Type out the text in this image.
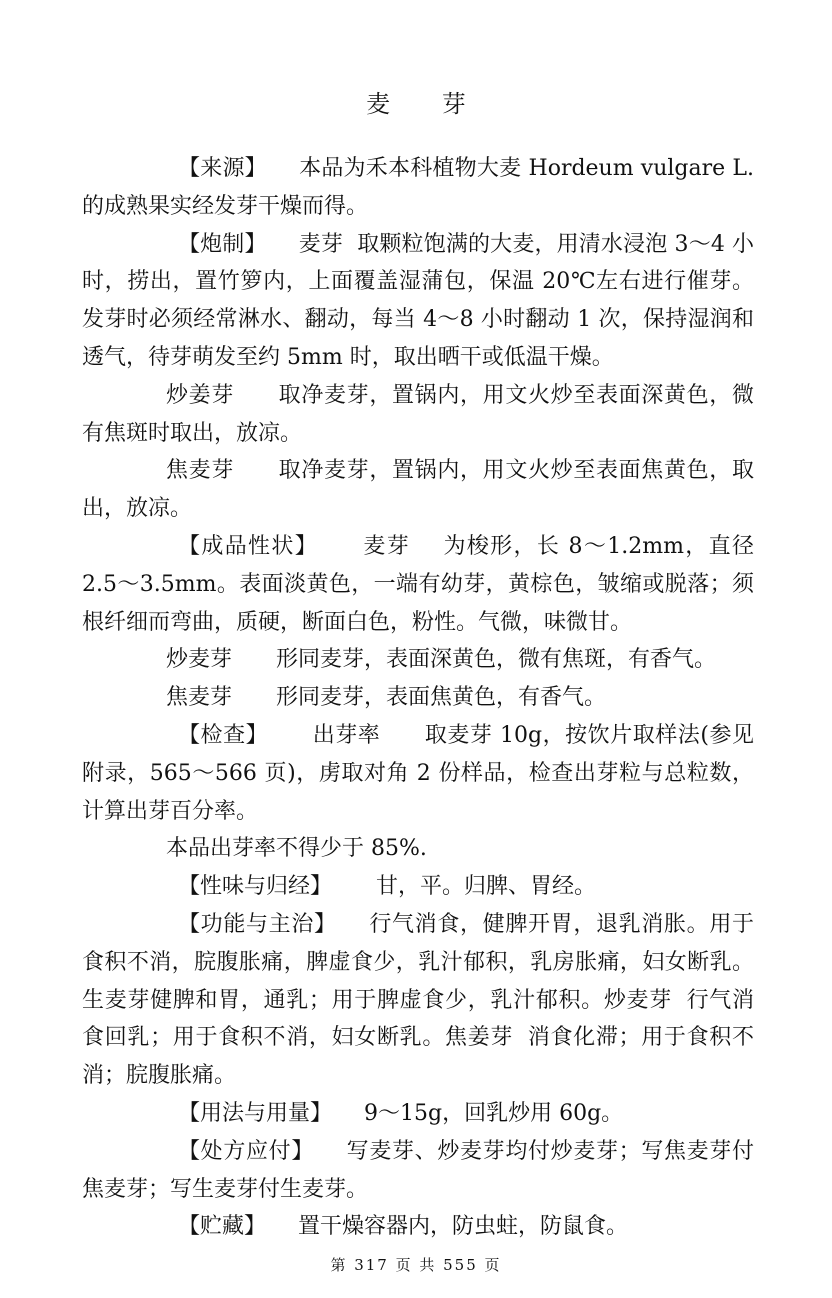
麦 芽

【来源】 本品为禾本科植物大麦 Hordeum vulgare L.的成熟果实经发芽干燥而得。

【炮制】 麦芽 取颗粒饱满的大麦，用清水浸泡 3～4 小时，捞出，置竹箩内，上面覆盖湿蒲包，保温 20℃左右进行催芽。发芽时必须经常淋水、翻动，每当 4～8 小时翻动 1 次，保持湿润和透气，待芽萌发至约 5mm 时，取出晒干或低温干燥。

炒姜芽 取净麦芽，置锅内，用文火炒至表面深黄色，微有焦斑时取出，放凉。

焦麦芽 取净麦芽，置锅内，用文火炒至表面焦黄色，取出，放凉。

【成品性状】 麦芽 为梭形，长 8～1.2mm，直径 2.5～3.5mm。表面淡黄色，一端有幼芽，黄棕色，皱缩或脱落；须根纤细而弯曲，质硬，断面白色，粉性。气微，味微甘。

炒麦芽 形同麦芽，表面深黄色，微有焦斑，有香气。

焦麦芽 形同麦芽，表面焦黄色，有香气。

【检查】 出芽率 取麦芽 10g，按饮片取样法(参见附录，565～566 页)，虏取对角 2 份样品，检查出芽粒与总粒数，计算出芽百分率。

本品出芽率不得少于 85%.

【性味与归经】 甘，平。归脾、胃经。

【功能与主治】 行气消食，健脾开胃，退乳消胀。用于食积不消，脘腹胀痛，脾虚食少，乳汁郁积，乳房胀痛，妇女断乳。生麦芽健脾和胃，通乳；用于脾虚食少，乳汁郁积。炒麦芽 行气消食回乳；用于食积不消，妇女断乳。焦姜芽 消食化滞；用于食积不消；脘腹胀痛。

【用法与用量】 9～15g，回乳炒用 60g。

【处方应付】 写麦芽、炒麦芽均付炒麦芽；写焦麦芽付焦麦芽；写生麦芽付生麦芽。

【贮藏】 置干燥容器内，防虫蛀，防鼠食。

第 317 页 共 555 页
